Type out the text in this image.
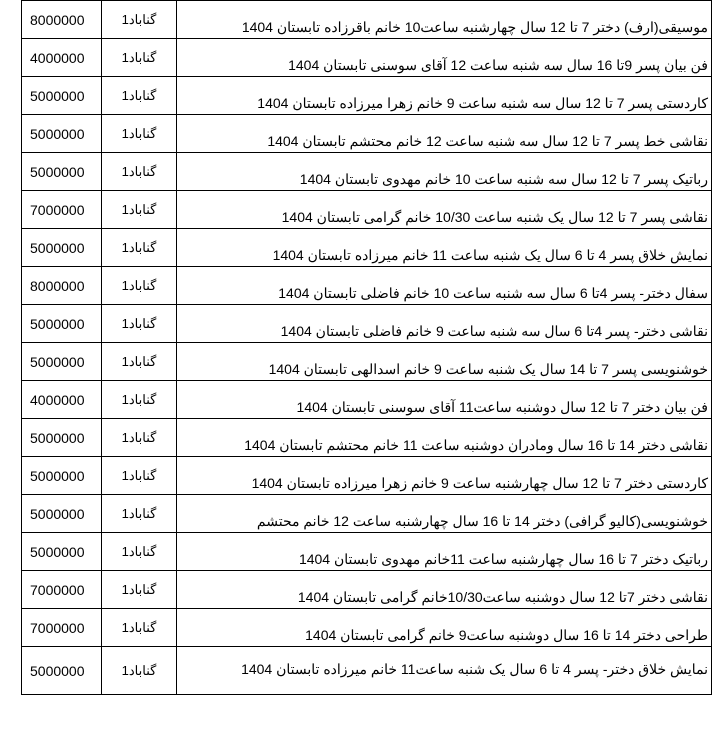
8000000	گناباد1	موسیقی(ارف) دختر 7 تا 12 سال چهارشنبه ساعت10 خانم باقرزاده تابستان 1404
4000000	گناباد1	فن بیان پسر 9تا 16 سال سه شنبه ساعت 12 آقای سوسنی تابستان 1404
5000000	گناباد1	کاردستی پسر 7 تا 12 سال سه شنبه ساعت 9 خانم زهرا میرزاده تابستان 1404
5000000	گناباد1	نقاشی خط پسر 7 تا 12 سال سه شنبه ساعت 12 خانم محتشم تابستان 1404
5000000	گناباد1	رباتیک پسر 7 تا 12 سال سه شنبه ساعت 10 خانم مهدوی تابستان 1404
7000000	گناباد1	نقاشی پسر 7 تا 12 سال یک شنبه ساعت 10/30 خانم گرامی تابستان 1404
5000000	گناباد1	نمایش خلاق پسر 4 تا 6 سال یک شنبه ساعت 11 خانم میرزاده تابستان 1404
8000000	گناباد1	سفال دختر- پسر 4تا 6 سال سه شنبه ساعت 10 خانم فاضلی تابستان 1404
5000000	گناباد1	نقاشی دختر- پسر 4تا 6 سال سه شنبه ساعت 9 خانم فاضلی تابستان 1404
5000000	گناباد1	خوشنویسی پسر 7 تا 14 سال یک شنبه ساعت 9 خانم اسدالهی تابستان 1404
4000000	گناباد1	فن بیان دختر 7 تا 12 سال دوشنبه ساعت11 آقای سوسنی تابستان 1404
5000000	گناباد1	نقاشی دختر 14 تا 16 سال ومادران دوشنبه ساعت 11 خانم محتشم تابستان 1404
5000000	گناباد1	کاردستی دختر 7 تا 12 سال چهارشنبه ساعت 9 خانم زهرا میرزاده تابستان 1404
5000000	گناباد1	خوشنویسی(کالیو گرافی) دختر 14 تا 16 سال چهارشنبه ساعت 12 خانم محتشم
5000000	گناباد1	رباتیک دختر 7 تا 16 سال چهارشنبه ساعت 11خانم مهدوی تابستان 1404
7000000	گناباد1	نقاشی دختر 7تا 12 سال دوشنبه ساعت10/30خانم گرامی تابستان 1404
7000000	گناباد1	طراحی دختر 14 تا 16 سال دوشنبه ساعت9 خانم گرامی تابستان 1404
5000000	گناباد1	نمایش خلاق دختر- پسر 4 تا 6 سال یک شنبه ساعت11 خانم میرزاده تابستان 1404
